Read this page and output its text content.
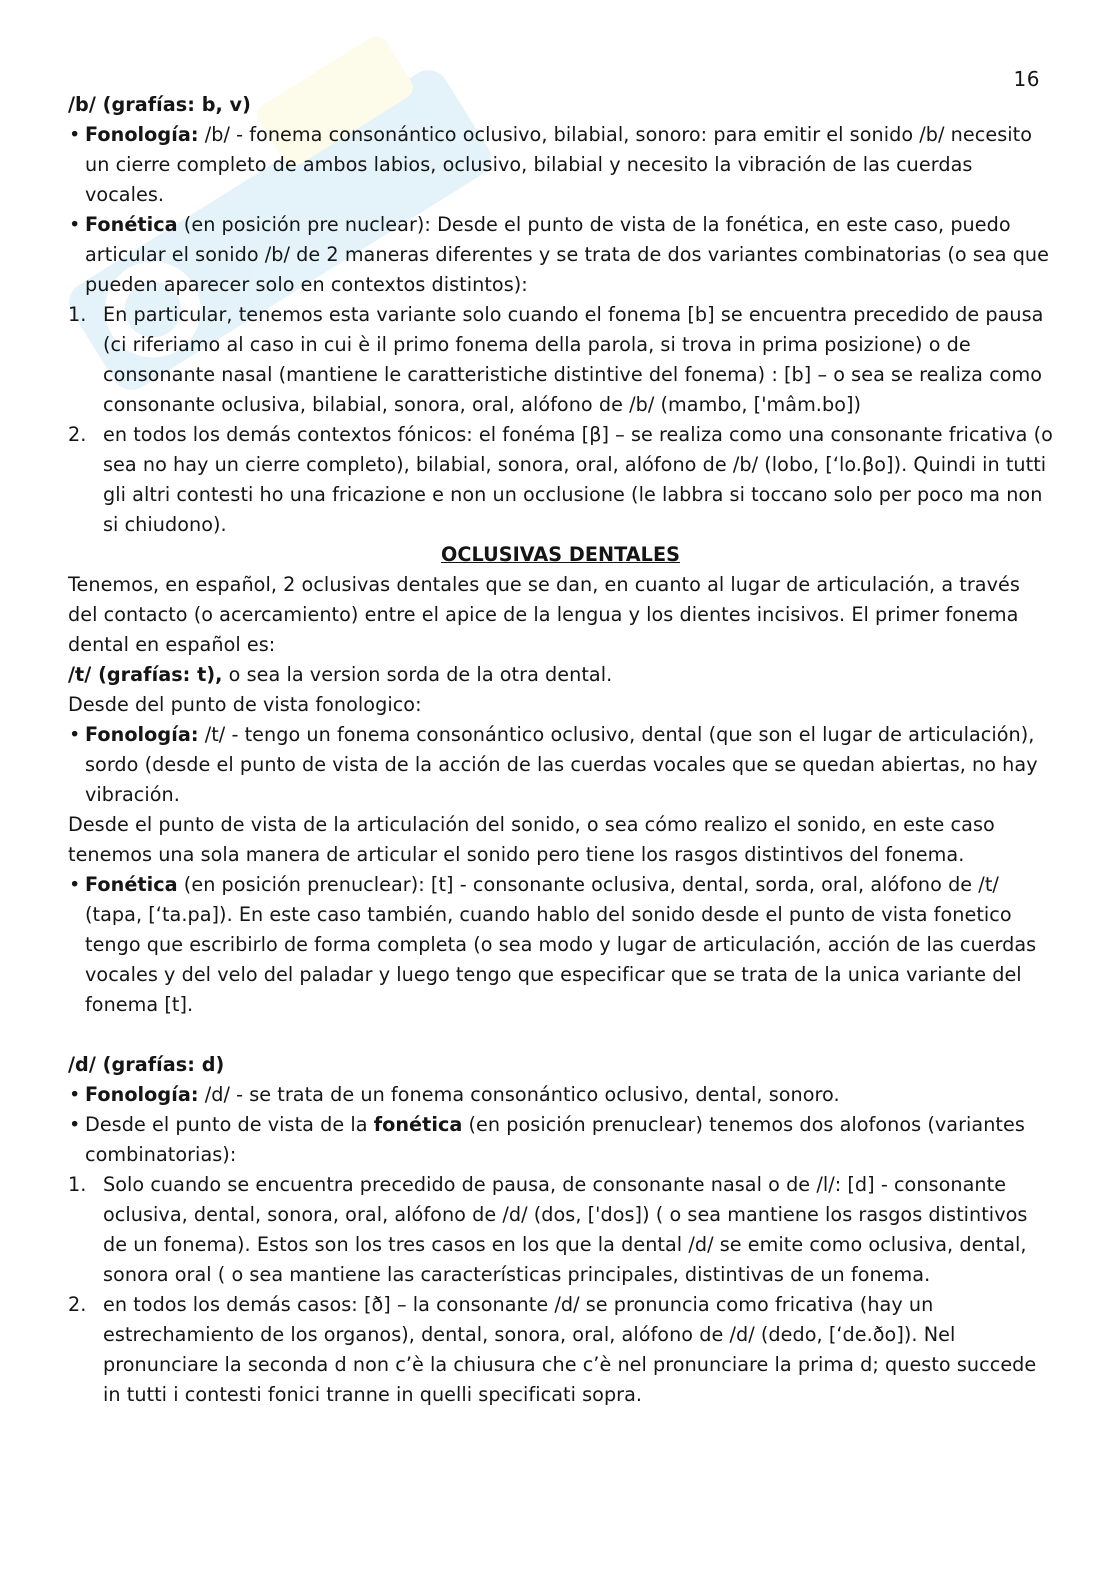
16

/b/ (grafías: b, v)

• Fonología: /b/ - fonema consonántico oclusivo, bilabial, sonoro: para emitir el sonido /b/ necesito un cierre completo de ambos labios, oclusivo, bilabial y necesito la vibración de las cuerdas vocales.

• Fonética (en posición pre nuclear): Desde el punto de vista de la fonética, en este caso, puedo articular el sonido /b/ de 2 maneras diferentes y se trata de dos variantes combinatorias (o sea que pueden aparecer solo en contextos distintos):

1. En particular, tenemos esta variante solo cuando el fonema [b] se encuentra precedido de pausa (ci riferiamo al caso in cui è il primo fonema della parola, si trova in prima posizione) o de consonante nasal (mantiene le caratteristiche distintive del fonema) : [b] – o sea se realiza como consonante oclusiva, bilabial, sonora, oral, alófono de /b/ (mambo, ['mâm.bo])

2. en todos los demás contextos fónicos: el fonéma [β] – se realiza como una consonante fricativa (o sea no hay un cierre completo), bilabial, sonora, oral, alófono de /b/ (lobo, [‘lo.βo]). Quindi in tutti gli altri contesti ho una fricazione e non un occlusione (le labbra si toccano solo per poco ma non si chiudono).

OCLUSIVAS DENTALES

Tenemos, en español, 2 oclusivas dentales que se dan, en cuanto al lugar de articulación, a través del contacto (o acercamiento) entre el apice de la lengua y los dientes incisivos. El primer fonema dental en español es:

/t/ (grafías: t), o sea la version sorda de la otra dental.

Desde del punto de vista fonologico:

• Fonología: /t/ - tengo un fonema consonántico oclusivo, dental (que son el lugar de articulación), sordo (desde el punto de vista de la acción de las cuerdas vocales que se quedan abiertas, no hay vibración.

Desde el punto de vista de la articulación del sonido, o sea cómo realizo el sonido, en este caso tenemos una sola manera de articular el sonido pero tiene los rasgos distintivos del fonema.

• Fonética (en posición prenuclear): [t] - consonante oclusiva, dental, sorda, oral, alófono de /t/ (tapa, [‘ta.pa]). En este caso también, cuando hablo del sonido desde el punto de vista fonetico tengo que escribirlo de forma completa (o sea modo y lugar de articulación, acción de las cuerdas vocales y del velo del paladar y luego tengo que especificar que se trata de la unica variante del fonema [t].

/d/ (grafías: d)

• Fonología: /d/ - se trata de un fonema consonántico oclusivo, dental, sonoro.

• Desde el punto de vista de la fonética (en posición prenuclear) tenemos dos alofonos (variantes combinatorias):

1. Solo cuando se encuentra precedido de pausa, de consonante nasal o de /l/: [d] - consonante oclusiva, dental, sonora, oral, alófono de /d/ (dos, ['dos]) ( o sea mantiene los rasgos distintivos de un fonema). Estos son los tres casos en los que la dental /d/ se emite como oclusiva, dental, sonora oral ( o sea mantiene las características principales, distintivas de un fonema.

2. en todos los demás casos: [ð] – la consonante /d/ se pronuncia como fricativa (hay un estrechamiento de los organos), dental, sonora, oral, alófono de /d/ (dedo, [‘de.ðo]). Nel pronunciare la seconda d non c’è la chiusura che c’è nel pronunciare la prima d; questo succede in tutti i contesti fonici tranne in quelli specificati sopra.
